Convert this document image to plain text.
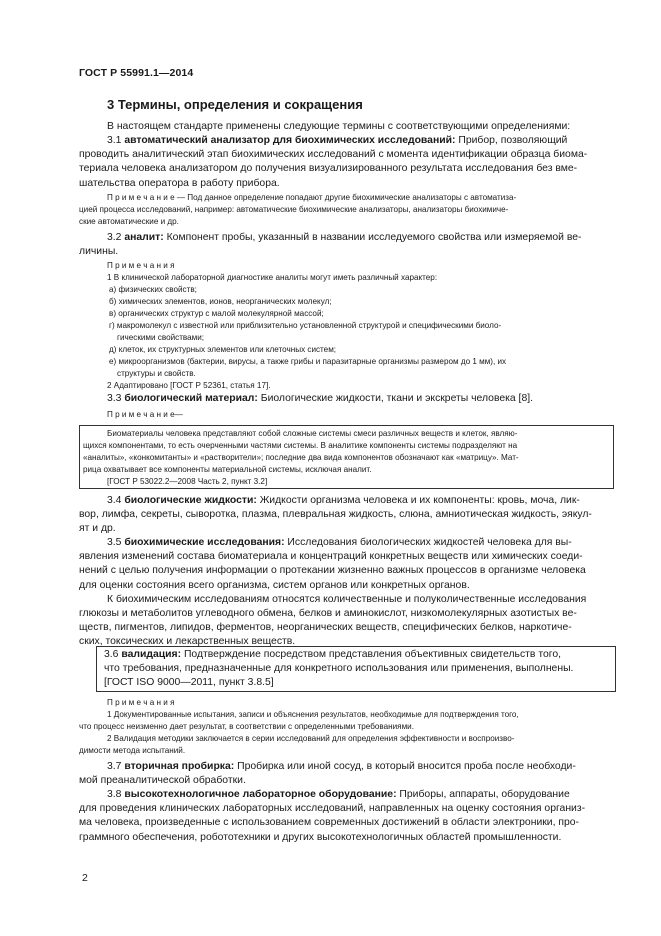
ГОСТ Р 55991.1—2014
3 Термины, определения и сокращения
В настоящем стандарте применены следующие термины с соответствующими определениями:
3.1 автоматический анализатор для биохимических исследований: Прибор, позволяющий
проводить аналитический этап биохимических исследований с момента идентификации образца биома-
териала человека анализатором до получения визуализированного результата исследования без вме-
шательства оператора в работу прибора.
П р и м е ч а н и е — Под данное определение попадают другие биохимические анализаторы с автоматиза-
цией процесса исследований, например: автоматические биохимические анализаторы, анализаторы биохимиче-
ские автоматические и др.
3.2 аналит: Компонент пробы, указанный в названии исследуемого свойства или измеряемой ве-
личины.
П р и м е ч а н и я
1 В клинической лабораторной диагностике аналиты могут иметь различный характер:
а) физических свойств;
б) химических элементов, ионов, неорганических молекул;
в) органических структур с малой молекулярной массой;
г) макромолекул с известной или приблизительно установленной структурой и специфическими биоло-
гическими свойствами;
д) клеток, их структурных элементов или клеточных систем;
е) микроорганизмов (бактерии, вирусы, а также грибы и паразитарные организмы размером до 1 мм), их
структуры и свойств.
2 Адаптировано [ГОСТ Р 52361, статья 17].
3.3 биологический материал: Биологические жидкости, ткани и экскреты человека [8].
П р и м е ч а н и е—
Биоматериалы человека представляют собой сложные системы смеси различных веществ и клеток, являю-
щихся компонентами, то есть очерченными частями системы. В аналитике компоненты системы подразделяют на
«аналиты», «конкомитанты» и «растворители»; последние два вида компонентов обозначают как «матрицу». Мат-
рица охватывает все компоненты материальной системы, исключая аналит.
[ГОСТ Р 53022.2—2008 Часть 2, пункт 3.2]
3.4 биологические жидкости: Жидкости организма человека и их компоненты: кровь, моча, лик-
вор, лимфа, секреты, сыворотка, плазма, плевральная жидкость, слюна, амниотическая жидкость, эякул-
ят и др.
3.5 биохимические исследования: Исследования биологических жидкостей человека для вы-
явления изменений состава биоматериала и концентраций конкретных веществ или химических соеди-
нений с целью получения информации о протекании жизненно важных процессов в организме человека
для оценки состояния всего организма, систем органов или конкретных органов.
К биохимическим исследованиям относятся количественные и полуколичественные исследования
глюкозы и метаболитов углеводного обмена, белков и аминокислот, низкомолекулярных азотистых ве-
ществ, пигментов, липидов, ферментов, неорганических веществ, специфических белков, наркотиче-
ских, токсических и лекарственных веществ.
3.6 валидация: Подтверждение посредством представления объективных свидетельств того,
что требования, предназначенные для конкретного использования или применения, выполнены.
[ГОСТ ISO 9000—2011, пункт 3.8.5]
П р и м е ч а н и я
1 Документированные испытания, записи и объяснения результатов, необходимые для подтверждения того,
что процесс неизменно дает результат, в соответствии с определенными требованиями.
2 Валидация методики заключается в серии исследований для определения эффективности и воспроизво-
димости метода испытаний.
3.7 вторичная пробирка: Пробирка или иной сосуд, в который вносится проба после необходи-
мой преаналитической обработки.
3.8 высокотехнологичное лабораторное оборудование: Приборы, аппараты, оборудование
для проведения клинических лабораторных исследований, направленных на оценку состояния организ-
ма человека, произведенные с использованием современных достижений в области электроники, про-
граммного обеспечения, робототехники и других высокотехнологичных областей промышленности.
2
